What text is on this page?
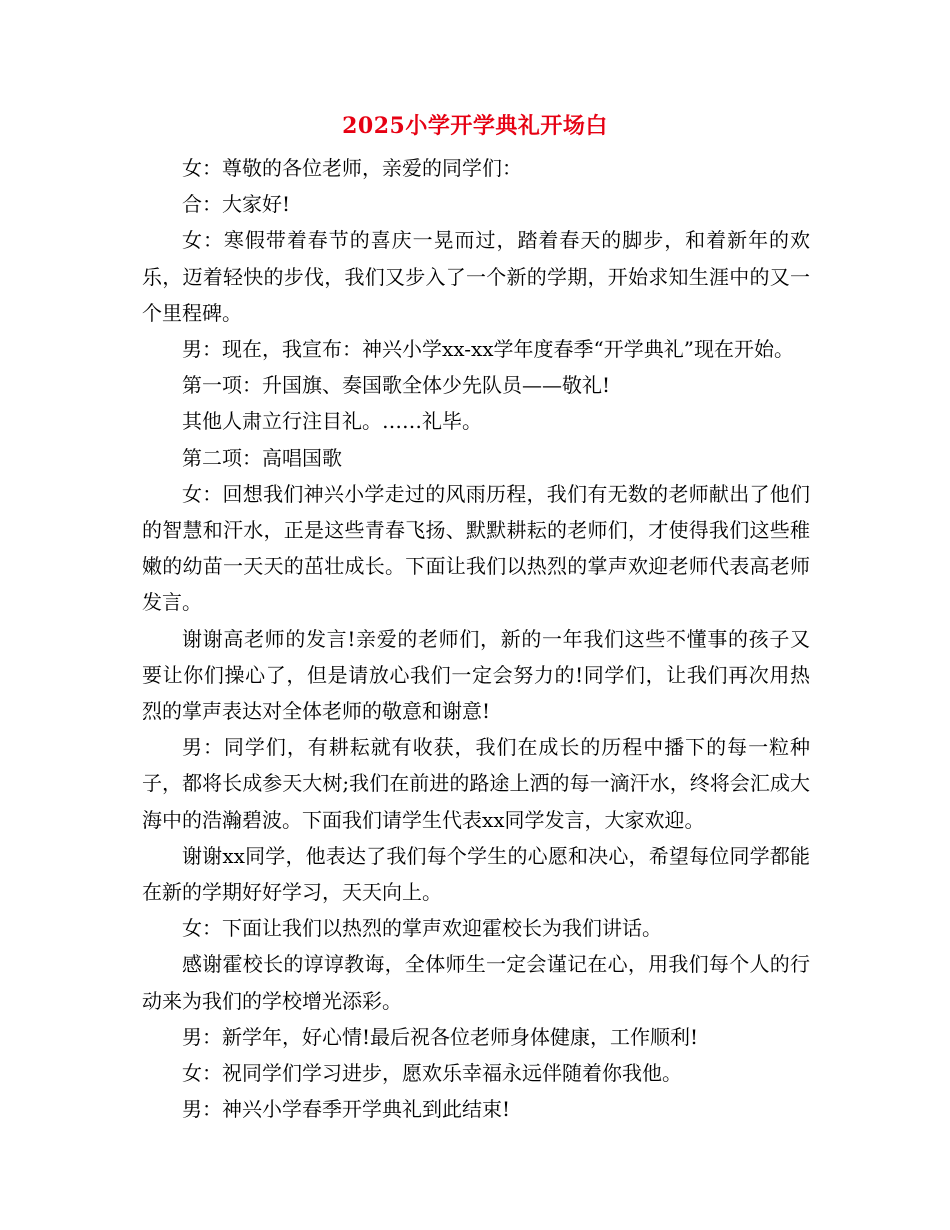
2025小学开学典礼开场白

女：尊敬的各位老师，亲爱的同学们：

合：大家好!

女：寒假带着春节的喜庆一晃而过，踏着春天的脚步，和着新年的欢乐，迈着轻快的步伐，我们又步入了一个新的学期，开始求知生涯中的又一个里程碑。

男：现在，我宣布：神兴小学xx-xx学年度春季“开学典礼”现在开始。

第一项：升国旗、奏国歌全体少先队员——敬礼!

其他人肃立行注目礼。……礼毕。

第二项：高唱国歌

女：回想我们神兴小学走过的风雨历程，我们有无数的老师献出了他们的智慧和汗水，正是这些青春飞扬、默默耕耘的老师们，才使得我们这些稚嫩的幼苗一天天的茁壮成长。下面让我们以热烈的掌声欢迎老师代表高老师发言。

谢谢高老师的发言!亲爱的老师们，新的一年我们这些不懂事的孩子又要让你们操心了，但是请放心我们一定会努力的!同学们，让我们再次用热烈的掌声表达对全体老师的敬意和谢意!

男：同学们，有耕耘就有收获，我们在成长的历程中播下的每一粒种子，都将长成参天大树;我们在前进的路途上洒的每一滴汗水，终将会汇成大海中的浩瀚碧波。下面我们请学生代表xx同学发言，大家欢迎。

谢谢xx同学，他表达了我们每个学生的心愿和决心，希望每位同学都能在新的学期好好学习，天天向上。

女：下面让我们以热烈的掌声欢迎霍校长为我们讲话。

感谢霍校长的谆谆教诲，全体师生一定会谨记在心，用我们每个人的行动来为我们的学校增光添彩。

男：新学年，好心情!最后祝各位老师身体健康，工作顺利!

女：祝同学们学习进步，愿欢乐幸福永远伴随着你我他。

男：神兴小学春季开学典礼到此结束!
